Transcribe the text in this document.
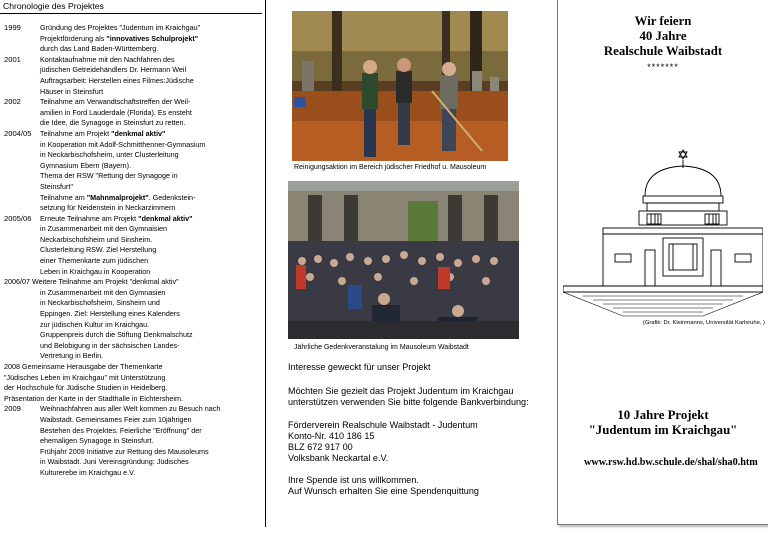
Chronologie des Projektes
1999	Gründung des Projektes "Judentum im Kraichgau"
Projektförderung als "innovatives Schulprojekt"
durch das Land Baden-Württemberg.
2001	Kontaktaufnahme mit den Nachfahren des
jüdischen Getreidehändlers Dr. Hermann Weil
Auftragsarbeit: Herstellen eines Filmes:Jüdische
Häuser in Steinsfurt
2002	Teilnahme am Verwandtschaftstreffen der Weil-
amilien in Ford Lauderdale (Florida). Es ensteht
die Idee, die Synagoge in Steinsfurt zu retten.
2004/05	Teilnahme am Projekt "denkmal aktiv"
in Kooperation mit Adolf-Schmitthenner-Gymnasium
in Neckarbischofsheim, unter Clusterleitung
Gymnasium Ebern (Bayern).
Thema der RSW "Rettung der Synagoge in
Steinsfurt"
Teilnahme am "Mahnmalprojekt". Gedenkstein-
setzung für Neidenstein in Neckarzimmern
2005/06	Erneute Teilnahme am Projekt "denkmal aktiv"
in Zusammenarbeit mit den Gymnaisien
Neckarbischofsheim und Sinsheim.
Clusterleitung RSW. Ziel Herstellung
einer Themenkarte zum jüdischen
Leben in Kraichgau in Kooperation
2006/07 Weitere Teilnahme am Projekt "denkmal aktiv"
in Zusammenarbeit mit den Gymnasien
in Neckarbischofsheim, Sinsheim und
Eppingen. Ziel: Herstellung eines Kalenders
zur jüdischen Kultur im Kraichgau.
Gruppenpreis durch die Stiftung Denkmalschutz
und Belobigung in der sächsischen Landes-
Vertretung in Berlin.
2008 Gemeinsame Herausgabe der Themenkarte
"Jüdisches Leben im Kraichgau" mit Unterstützung
der Hochschule für Jüdische Studien in Heidelberg.
Präsentation der Karte in der Stadthalle in Eichtersheim.
2009	Weihnachfahren aus aller Welt kommen zu Besuch nach
Waibstadt. Gemeinsames Feier zum 10jährigen
Bestehen des Projektes. Feierliche "Eröffnung" der
ehemaligen Synagoge in Steinsfurt.
Frühjahr 2009 Initiative zur Rettung des Mausoleums
in Waibstadt. Juni Vereinsgründung: Jüdisches
Kulturerebe im Kraichgau e.V.
Reinigungsaktion im Bereich jüdischer Friedhof u. Mausoleum
Jährliche Gedenkveranstalung im Mausoleum Waibstadt
Interesse geweckt für unser Projekt
Möchten Sie gezielt das Projekt Judentum im Kraichgau
unterstützen verwenden Sie bitte folgende Bankverbindung:
Förderverein Realschule Waibstadt - Judentum
Konto-Nr. 410 186 15
BLZ 672 917 00
Volksbank Neckartal e.V.
Ihre Spende ist uns willkommen.
Auf Wunsch erhalten Sie eine Spendenquittung
Wir feiern
40 Jahre
Realschule Waibstadt
*******
(Grafik: Dr. Kleinmanns, Universität Karlsruhe, )
10 Jahre Projekt
"Judentum im Kraichgau"
www.rsw.hd.bw.schule.de/shal/sha0.htm
